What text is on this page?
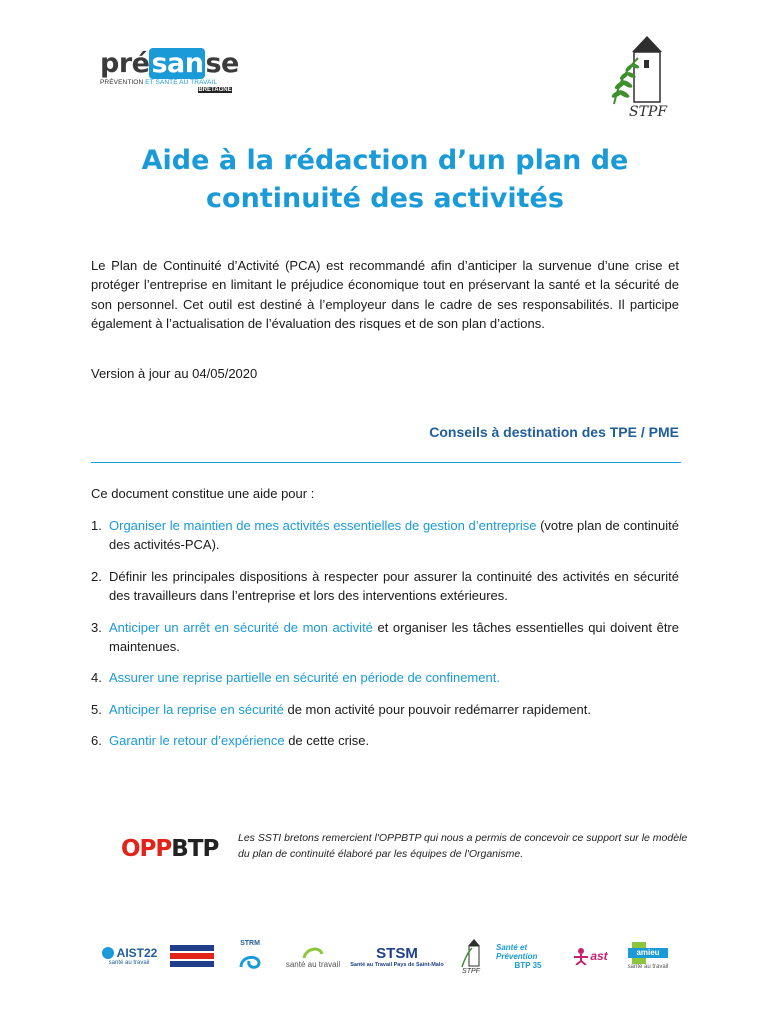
présanse
PRÉVENTION ET SANTÉ AU TRAVAIL
BRETAGNE
STPF
Aide à la rédaction d’un plan de
continuité des activités
Le Plan de Continuité d’Activité (PCA) est recommandé afin d’anticiper la survenue d’une crise et protéger l’entreprise en limitant le préjudice économique tout en préservant la santé et la sécurité de son personnel. Cet outil est destiné à l’employeur dans le cadre de ses responsabilités. Il participe également à l’actualisation de l’évaluation des risques et de son plan d’actions.
Version à jour au 04/05/2020
Conseils à destination des TPE / PME
Ce document constitue une aide pour :
1. Organiser le maintien de mes activités essentielles de gestion d’entreprise (votre plan de continuité des activités-PCA).
2. Définir les principales dispositions à respecter pour assurer la continuité des activités en sécurité des travailleurs dans l’entreprise et lors des interventions extérieures.
3. Anticiper un arrêt en sécurité de mon activité et organiser les tâches essentielles qui doivent être maintenues.
4. Assurer une reprise partielle en sécurité en période de confinement.
5. Anticiper la reprise en sécurité de mon activité pour pouvoir redémarrer rapidement.
6. Garantir le retour d’expérience de cette crise.
OPPBTP Les SSTI bretons remercient l'OPPBTP qui nous a permis de concevoir ce support sur le modèle du plan de continuité élaboré par les équipes de l'Organisme.
AIST22
santé au travail
STRM
santé au travail
STSM
Santé au Travail Pays de Saint-Malo
STPF
Santé et Prévention
BTP 35
ast	amieu
santé au travail
